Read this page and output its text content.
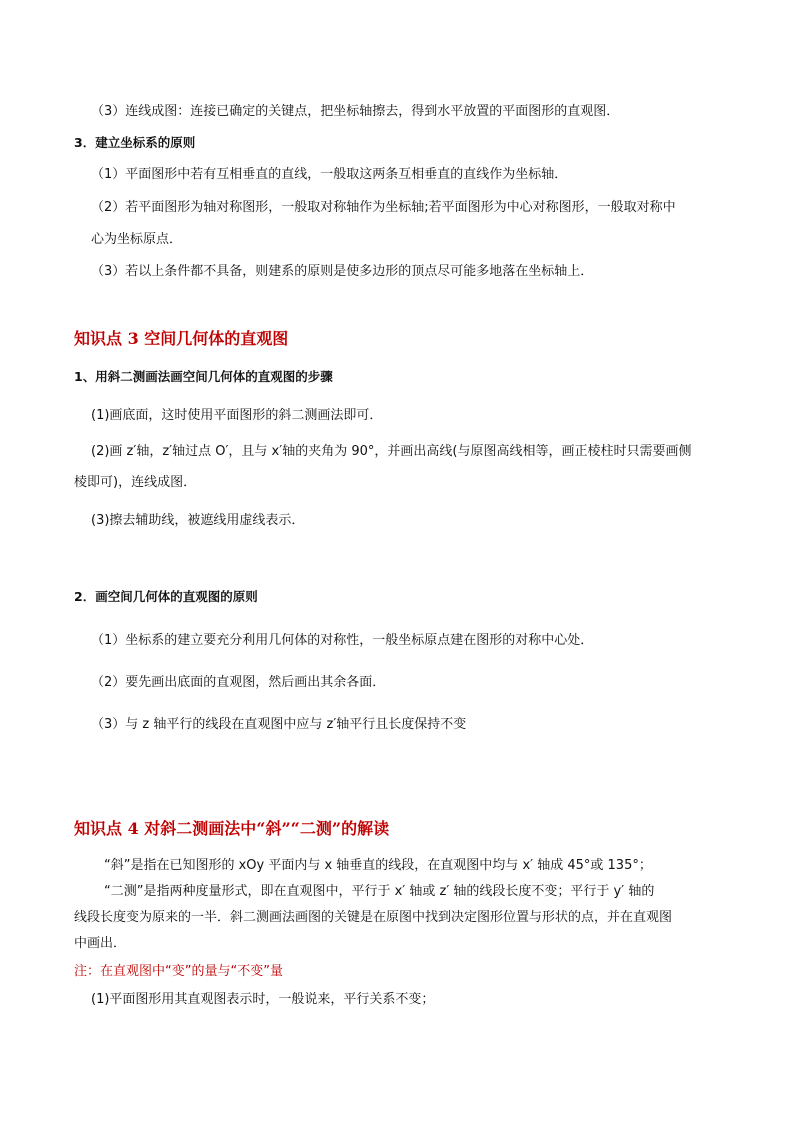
（3）连线成图：连接已确定的关键点，把坐标轴擦去，得到水平放置的平面图形的直观图．
3．建立坐标系的原则
（1）平面图形中若有互相垂直的直线，一般取这两条互相垂直的直线作为坐标轴．
（2）若平面图形为轴对称图形，一般取对称轴作为坐标轴;若平面图形为中心对称图形，一般取对称中
心为坐标原点．
（3）若以上条件都不具备，则建系的原则是使多边形的顶点尽可能多地落在坐标轴上．
知识点 3 空间几何体的直观图
1、用斜二测画法画空间几何体的直观图的步骤
(1)画底面，这时使用平面图形的斜二测画法即可．
(2)画 z′轴，z′轴过点 O′，且与 x′轴的夹角为 90°，并画出高线(与原图高线相等，画正棱柱时只需要画侧
棱即可)，连线成图．
(3)擦去辅助线，被遮线用虚线表示．
2．画空间几何体的直观图的原则
（1）坐标系的建立要充分利用几何体的对称性，一般坐标原点建在图形的对称中心处．
（2）要先画出底面的直观图，然后画出其余各面．
（3）与 z 轴平行的线段在直观图中应与 z′轴平行且长度保持不变
知识点 4 对斜二测画法中“斜”“二测”的解读
“斜”是指在已知图形的 xOy 平面内与 x 轴垂直的线段，在直观图中均与 x′ 轴成 45°或 135°；
“二测”是指两种度量形式，即在直观图中，平行于 x′ 轴或 z′ 轴的线段长度不变；平行于 y′ 轴的
线段长度变为原来的一半．斜二测画法画图的关键是在原图中找到决定图形位置与形状的点，并在直观图
中画出．
注：在直观图中“变”的量与“不变”量
(1)平面图形用其直观图表示时，一般说来，平行关系不变；
